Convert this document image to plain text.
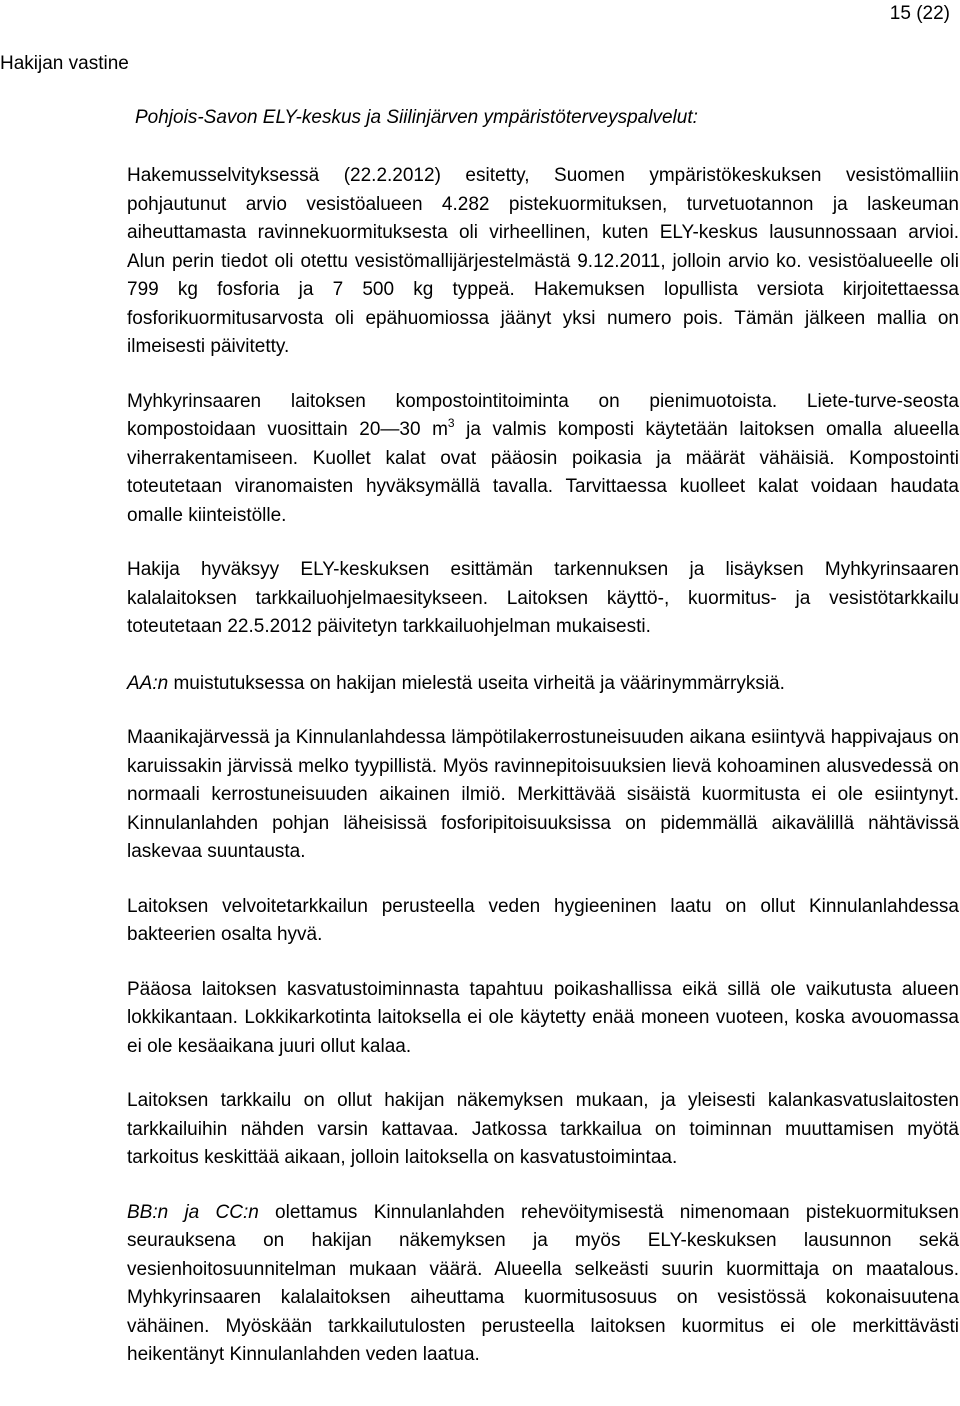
15 (22)
Hakijan vastine
Pohjois-Savon ELY-keskus ja Siilinjärven ympäristöterveyspalvelut:

Hakemusselvityksessä (22.2.2012) esitetty, Suomen ympäristökeskuksen vesistömalliin pohjautunut arvio vesistöalueen 4.282 pistekuormituksen, turvetuotannon ja laskeuman aiheuttamasta ravinnekuormituksesta oli virheellinen, kuten ELY-keskus lausunnossaan arvioi. Alun perin tiedot oli otettu vesistömallijärjestelmästä 9.12.2011, jolloin arvio ko. vesistöalueelle oli 799 kg fosforia ja 7 500 kg typpeä. Hakemuksen lopullista versiota kirjoitettaessa fosforikuormitusarvosta oli epähuomiossa jäänyt yksi numero pois. Tämän jälkeen mallia on ilmeisesti päivitetty.

Myhkyrinsaaren laitoksen kompostointitoiminta on pienimuotoista. Liete-turve-seosta kompostoidaan vuosittain 20—30 $m^3$ ja valmis komposti käytetään laitoksen omalla alueella viherrakentamiseen. Kuollet kalat ovat pääosin poikasia ja määrät vähäisiä. Kompostointi toteutetaan viranomaisten hyväksymällä tavalla. Tarvittaessa kuolleet kalat voidaan haudata omalle kiinteistölle.

Hakija hyväksyy ELY-keskuksen esittämän tarkennuksen ja lisäyksen Myhkyrinsaaren kalalaitoksen tarkkailuohjelmaesitykseen. Laitoksen käyttö-, kuormitus- ja vesistötarkkailu toteutetaan 22.5.2012 päivitetyn tarkkailuohjelman mukaisesti.

AA:n muistutuksessa on hakijan mielestä useita virheitä ja väärinymmärryksiä.

Maanikajärvessä ja Kinnulanlahdessa lämpötilakerrostuneisuuden aikana esiintyvä happivajaus on karuissakin järvissä melko tyypillistä. Myös ravinnepitoisuuksien lievä kohoaminen alusvedessä on normaali kerrostuneisuuden aikainen ilmiö. Merkittävää sisäistä kuormitusta ei ole esiintynyt. Kinnulanlahden pohjan läheisissä fosforipitoisuuksissa on pidemmällä aikavälillä nähtävissä laskevaa suuntausta.

Laitoksen velvoitetarkkailun perusteella veden hygieeninen laatu on ollut Kinnulanlahdessa bakteerien osalta hyvä.

Pääosa laitoksen kasvatustoiminnasta tapahtuu poikashallissa eikä sillä ole vaikutusta alueen lokkikantaan. Lokkikarkotinta laitoksella ei ole käytetty enää moneen vuoteen, koska avouomassa ei ole kesäaikana juuri ollut kalaa.

Laitoksen tarkkailu on ollut hakijan näkemyksen mukaan, ja yleisesti kalankasvatuslaitosten tarkkailuihin nähden varsin kattavaa. Jatkossa tarkkailua on toiminnan muuttamisen myötä tarkoitus keskittää aikaan, jolloin laitoksella on kasvatustoimintaa.

BB:n ja CC:n olettamus Kinnulanlahden rehevöitymisestä nimenomaan pistekuormituksen seurauksena on hakijan näkemyksen ja myös ELY-keskuksen lausunnon sekä vesienhoitosuunnitelman mukaan väärä. Alueella selkeästi suurin kuormittaja on maatalous. Myhkyrinsaaren kalalaitoksen aiheuttama kuormitusosuus on vesistössä kokonaisuutena vähäinen. Myöskään tarkkailutulosten perusteella laitoksen kuormitus ei ole merkittävästi heikentänyt Kinnulanlahden veden laatua.
